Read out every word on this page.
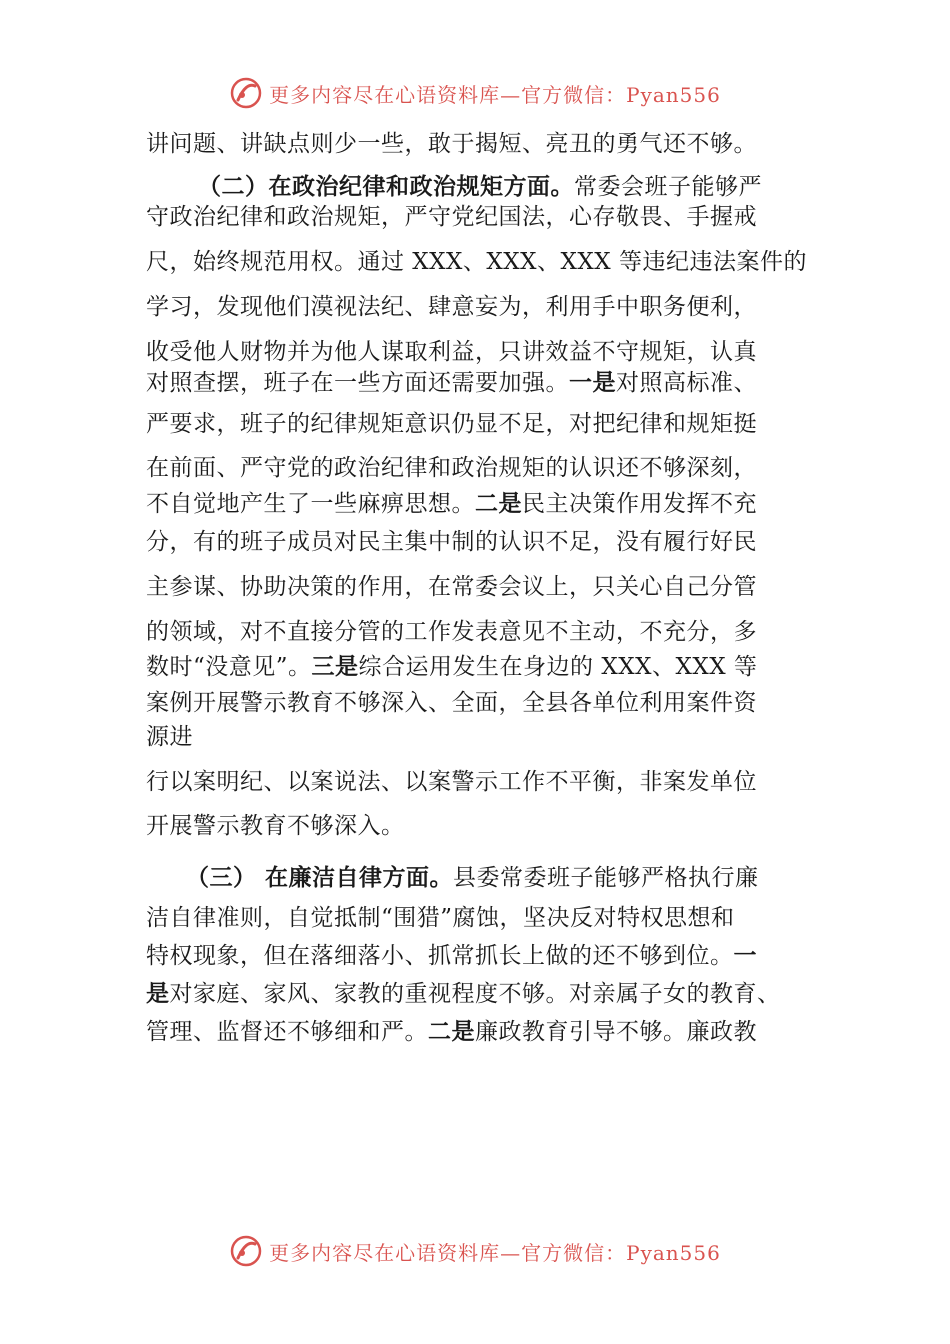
更多内容尽在心语资料库—官方微信：Pyan556
讲问题、讲缺点则少一些，敢于揭短、亮丑的勇气还不够。
（二）在政治纪律和政治规矩方面。常委会班子能够严
守政治纪律和政治规矩，严守党纪国法，心存敬畏、手握戒
尺，始终规范用权。通过 XXX、XXX、XXX 等违纪违法案件的
学习，发现他们漠视法纪、肆意妄为，利用手中职务便利，
收受他人财物并为他人谋取利益，只讲效益不守规矩，认真
对照查摆，班子在一些方面还需要加强。一是对照高标准、
严要求，班子的纪律规矩意识仍显不足，对把纪律和规矩挺
在前面、严守党的政治纪律和政治规矩的认识还不够深刻，
不自觉地产生了一些麻痹思想。二是民主决策作用发挥不充
分，有的班子成员对民主集中制的认识不足，没有履行好民
主参谋、协助决策的作用，在常委会议上，只关心自己分管
的领域，对不直接分管的工作发表意见不主动，不充分，多
数时“没意见”。三是综合运用发生在身边的 XXX、XXX 等
案例开展警示教育不够深入、全面，全县各单位利用案件资
源进
行以案明纪、以案说法、以案警示工作不平衡，非案发单位
开展警示教育不够深入。
（三） 在廉洁自律方面。县委常委班子能够严格执行廉
洁自律准则，自觉抵制“围猎”腐蚀，坚决反对特权思想和
特权现象，但在落细落小、抓常抓长上做的还不够到位。一
是对家庭、家风、家教的重视程度不够。对亲属子女的教育、
管理、监督还不够细和严。二是廉政教育引导不够。廉政教
更多内容尽在心语资料库—官方微信：Pyan556
